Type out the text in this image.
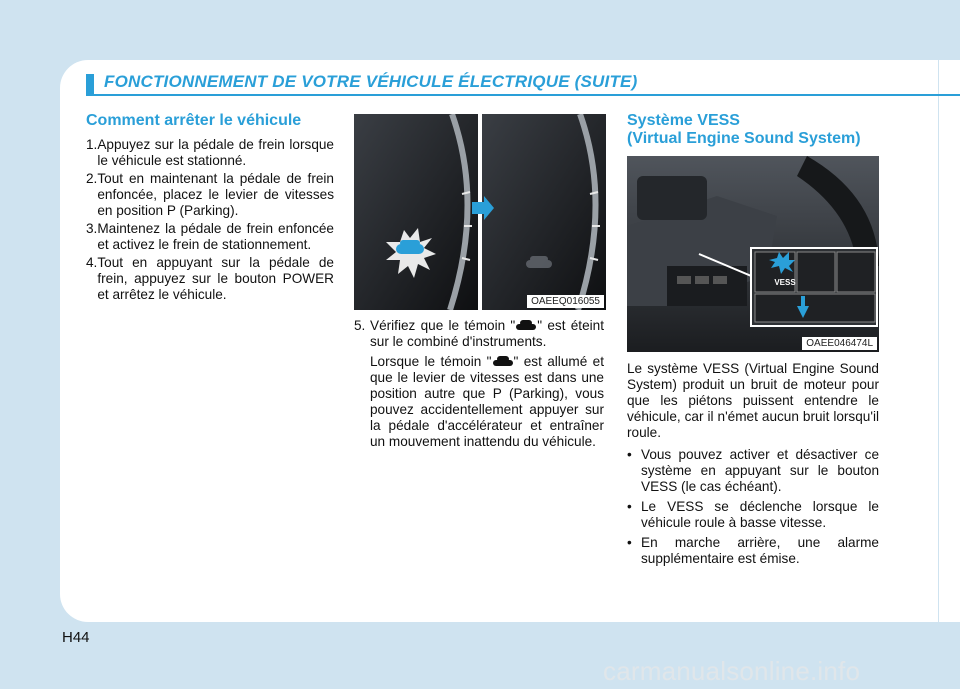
FONCTIONNEMENT DE VOTRE VÉHICULE ÉLECTRIQUE (SUITE)
Comment arrêter le véhicule
1. Appuyez sur la pédale de frein lorsque le véhicule est stationné.
2. Tout en maintenant la pédale de frein enfoncée, placez le levier de vitesses en position P (Parking).
3. Maintenez la pédale de frein enfoncée et activez le frein de stationnement.
4. Tout en appuyant sur la pédale de frein, appuyez sur le bouton POWER et arrêtez le véhicule.	OAEEQ016055
5. Vérifiez que le témoin " " est éteint sur le combiné d'instruments.
Lorsque le témoin " " est allumé et que le levier de vitesses est dans une position autre que P (Parking), vous pouvez accidentellement appuyer sur la pédale d'accélérateur et entraîner un mouvement inattendu du véhicule.
Système VESS
(Virtual Engine Sound System)
VESS
OAEE046474L

Le système VESS (Virtual Engine Sound System) produit un bruit de moteur pour que les piétons puissent entendre le véhicule, car il n'émet aucun bruit lorsqu'il roule.

• Vous pouvez activer et désactiver ce système en appuyant sur le bouton VESS (le cas échéant).
• Le VESS se déclenche lorsque le véhicule roule à basse vitesse.
• En marche arrière, une alarme supplémentaire est émise.
H44
carmanualsonline.info
